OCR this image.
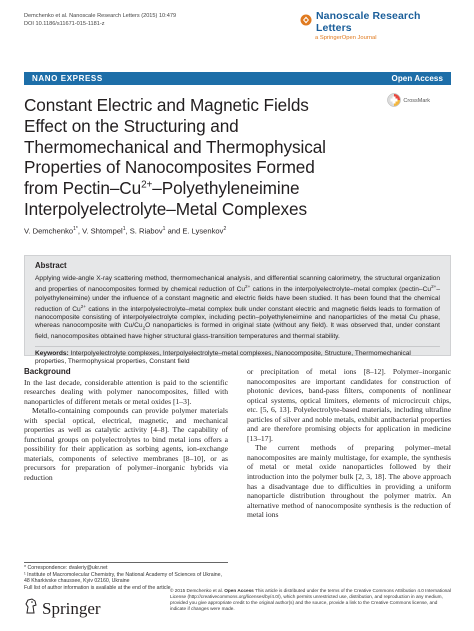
Demchenko et al. Nanoscale Research Letters (2015) 10:479
DOI 10.1186/s11671-015-1181-z
Nanoscale Research Letters
a SpringerOpen Journal
NANO EXPRESS	Open Access
Constant Electric and Magnetic Fields
Effect on the Structuring and
Thermomechanical and Thermophysical
Properties of Nanocomposites Formed
from Pectin–$Cu^{2+}$–Polyethyleneimine
Interpolyelectrolyte–Metal Complexes
CrossMark
V. Demchenko$^{1*}$, V. Shtompel$^1$, S. Riabov$^1$ and E. Lysenkov$^2$
Abstract

Applying wide-angle X-ray scattering method, thermomechanical analysis, and differential scanning calorimetry, the structural organization and properties of nanocomposites formed by chemical reduction of $Cu^{2+}$ cations in the interpolyelectrolyte–metal complex $(pectin-Cu^{2+}-polyethyleneimine)$ under the influence of a constant magnetic and electric fields have been studied. It has been found that the chemical reduction of $Cu^{2+}$ cations in the interpolyelectrolyte–metal complex bulk under constant electric and magnetic fields leads to formation of nanocomposite consisting of interpolyelectrolyte complex, including pectin–polyethyleneimine and nanoparticles of the metal Cu phase, whereas nanocomposite with $Cu/Cu_2O$ nanoparticles is formed in original state (without any field). It was observed that, under constant field, nanocomposites obtained have higher structural glass-transition temperatures and thermal stability.

Keywords: Interpolyelectrolyte complexes, Interpolyelectrolyte–metal complexes, Nanocomposite, Structure, Thermomechanical properties, Thermophysical properties, Constant field
Background

In the last decade, considerable attention is paid to the scientific researches dealing with polymer nanocomposites, filled with nanoparticles of different metals or metal oxides [1–3].

Metallo-containing compounds can provide polymer materials with special optical, electrical, magnetic, and mechanical properties as well as catalytic activity [4–8]. The capability of functional groups on polyelectrolytes to bind metal ions offers a possibility for their application as sorbing agents, ion-exchange materials, components of selective membranes [8–10], or as precursors for preparation of polymer–inorganic hybrids via reduction

or precipitation of metal ions [8–12]. Polymer–inorganic nanocomposites are important candidates for construction of photonic devices, band-pass filters, components of nonlinear optical systems, optical limiters, elements of microcircuit chips, etc. [5, 6, 13]. Polyelectrolyte-based materials, including ultrafine particles of silver and noble metals, exhibit antibacterial properties and are therefore promising objects for application in medicine [13–17].

The current methods of preparing polymer–metal nanocomposites are mainly multistage, for example, the synthesis of metal or metal oxide nanoparticles followed by their introduction into the polymer bulk [2, 3, 18]. The above approach has a disadvantage due to difficulties in providing a uniform nanoparticle distribution throughout the polymer matrix. An alternative method of nanocomposite synthesis is the reduction of metal ions

* Correspondence: dvaleriy@ukr.net
¹ Institute of Macromolecular Chemistry, the National Academy of Sciences of Ukraine, 48 Kharkivske chaussee, Kyiv 02160, Ukraine
Full list of author information is available at the end of the article
Springer
© 2015 Demchenko et al. Open Access This article is distributed under the terms of the Creative Commons Attribution 4.0 International License (http://creativecommons.org/licenses/by/4.0/), which permits unrestricted use, distribution, and reproduction in any medium, provided you give appropriate credit to the original author(s) and the source, provide a link to the Creative Commons license, and indicate if changes were made.
